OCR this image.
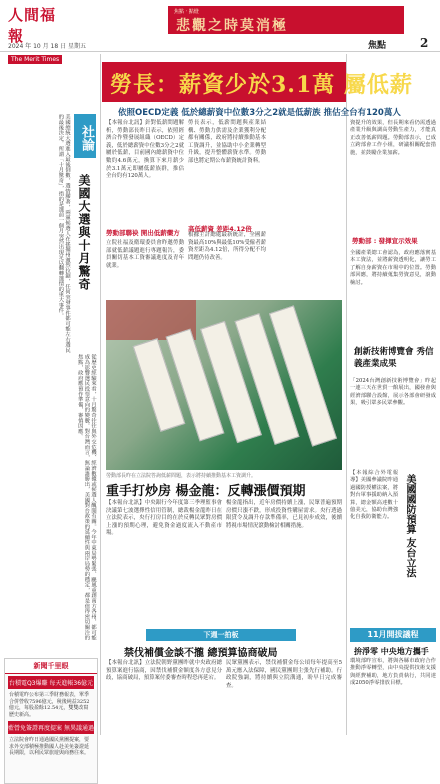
人間福報
The Merit Times
2024 年 10 月 18 日 星期五
焦點 ‧ 點燈
悲觀之時莫消極
焦點	2
社論
美國大選與十月驚奇
美國總統大選進入最後倒數，選情膠著，兩黨候選人在搖擺州激烈拉鋸，任何突發事件都可能左右選民的最後決定。所謂「十月驚奇」，指的是選前一個月突然出現足以翻轉選情的重大事件。
從歷史經驗來看，十月驚奇往往與外交危機、經濟數據或候選人醜聞有關。今年中東局勢緊張、颶風重創南方各州，都可能成為影響選民投票意向的變數。對台灣而言，無論誰勝出，美國對台政策的延續性與兩岸局勢的穩定，都是值得密切關注的焦點，政府應預作準備，審慎因應。
新聞千里眼
台積電Q3爆賺 每天進帳36億元
台積電昨公布第三季財務報表，單季合併營收7596億元，稅後純益3252億元，每股盈餘12.54元，雙雙改寫歷史新高。
藍營免簽證再度提案 無異議通過
立法院會昨日通過國民黨團提案，要求外交部積極推動國人赴美免簽證延長期限，以利民眾旅遊與商務往來。
勞長：薪資少於3.1萬 屬低薪
依照OECD定義 低於總薪資中位數3分之2就是低薪族 推估全台有120萬人
【本報台北訊】針對低薪問題解析，勞動部長昨日表示，依照經濟合作暨發展組織（OECD）定義，低於總薪資中位數3分之2就屬於低薪，目前國內總薪資中位數約4.6萬元，換算下來月薪少於3.1萬元即屬低薪族群，推估全台約有120萬人。
勞長表示，低薪問題與產業結構、勞動力供需及企業獲利分配都有關係，政府將持續推動基本工資調升，並協助中小企業轉型升級，提升整體薪資水準。勞動部也將定期公布薪資統計資料。
勞動部聯袂 開出低薪藥方
立院社福及衛環委員會昨邀勞動部就低薪議題進行專題報告，委員關切基本工資審議進度及青年就業。
高低薪資 差距4.12倍
根據主計總處最新統計，全國薪資最高10%與最低10%受僱者薪資差距為4.12倍，所得分配不均問題仍待改善。
勞動部長昨在立法院答詢低薪問題，表示將持續推動基本工資調升。
重手打炒房 楊金龍：反轉漲價預期
【本報台北訊】中央銀行今年度第三季理監事會決議第七波選擇性信用管制，總裁楊金龍昨日在立法院表示，央行打房目的在於反轉民眾對房價上漲的預期心理，避免資金過度流入不動產市場。
楊金龍指出，近年房價持續上漲，民眾普遍預期房價只漲不跌，形成投資性購屋需求。央行透過限貸令及調升存款準備率，已見初步成效，後續將視市場情況滾動檢討相關措施。
下週一拍板
禁伐補償金談不攏 總預算協商破局
【本報台北訊】立法院朝野黨團昨就中央政府總預算案進行協商，因禁伐補償金額度各方意見分歧，協商破局，預算案付委審查時程恐再延宕。
民眾黨團表示，禁伐補償金每公頃每年提高至5萬元應入法保障，國民黨團則主張先行補助。行政院強調，將持續與立院溝通，盼早日完成審查。
資提升的效果，但長期來看仍需透過產業升級與調高勞動生產力，才能真正改善低薪問題。勞動部表示，已成立跨部會工作小組，研議相關配套措施，並鼓勵企業加薪。
勞動部 : 發揮宣示效果
全國產業總工會認為，政府應落實基本工資法，並將薪資透明化，讓勞工了解自身薪資在市場中的位置。勞動部回應，將持續蒐集勞資意見，滾動檢討。
創新技術博覽會 秀信義產業成果
「2024台灣創新技術博覽會」昨起一連三天在世貿一館展出，國發會與經濟部聯合設館，展示各部會研發成果，吸引眾多民眾參觀。
【本報綜合外電報導】美國參議院昨通過國防授權法案，將對台軍事援助納入預算，總金額高達數十億美元，協助台灣強化自我防衛能力。	美國國防預算 友台立法
11月開拔議程
拚淨零 中央地方攜手
環境部昨宣布，將與各縣市政府合作推動淨零轉型，由中央提供技術支援與經費補助，地方負責執行，共同達成2050淨零排放目標。
